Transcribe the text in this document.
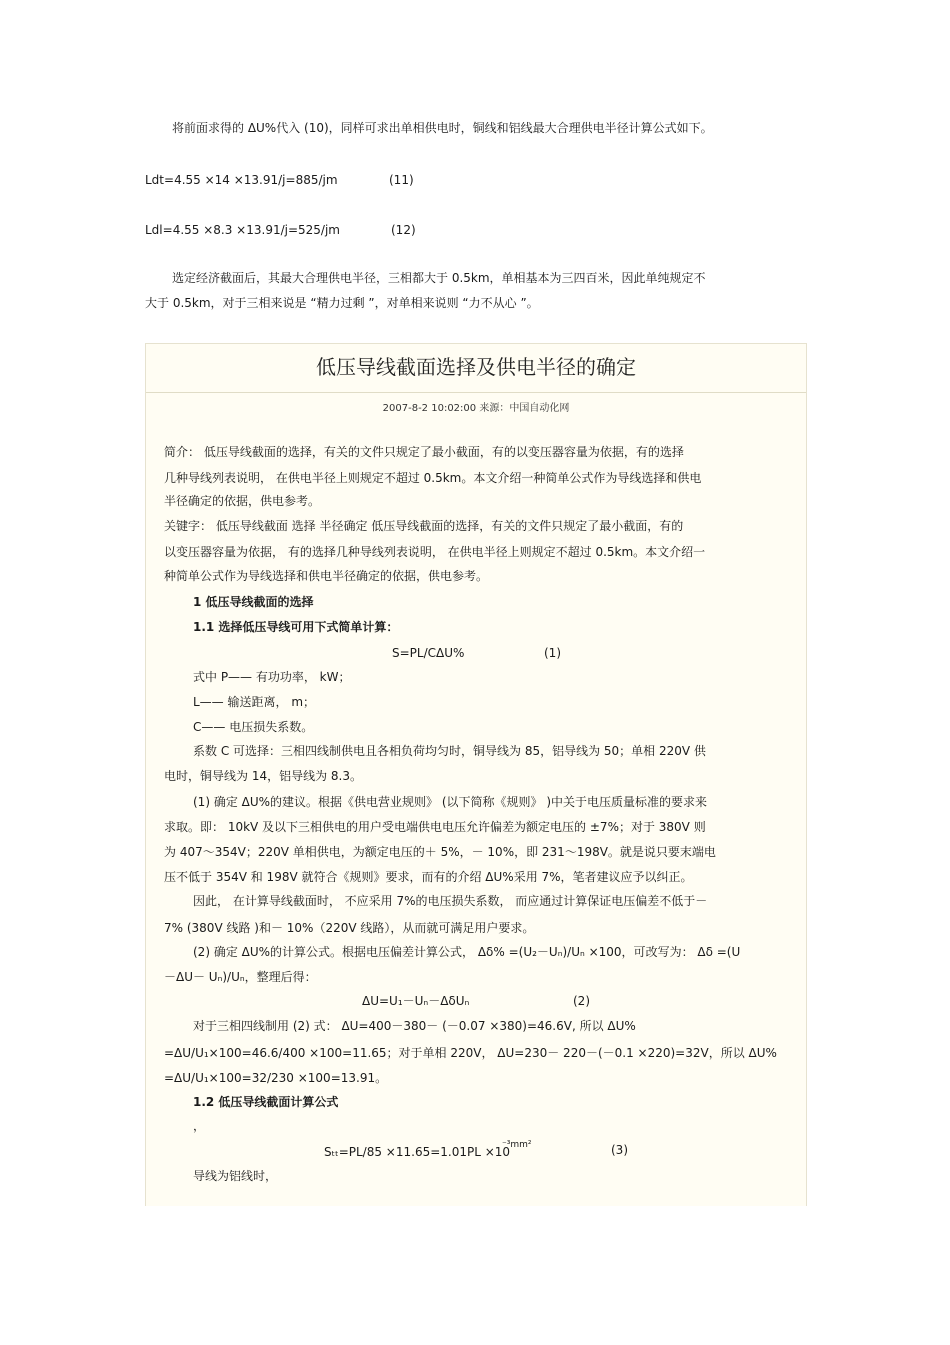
将前面求得的 ΔU%代入 (10)，同样可求出单相供电时，铜线和铝线最大合理供电半径计算公式如下。
Ldt=4.55 ×14 ×13.91/j=885/jm	(11)
Ldl=4.55 ×8.3 ×13.91/j=525/jm	(12)
选定经济截面后，其最大合理供电半径，三相都大于 0.5km，单相基本为三四百米，因此单纯规定不
大于 0.5km，对于三相来说是 “精力过剩 ”，对单相来说则 “力不从心 ”。
低压导线截面选择及供电半径的确定
2007-8-2 10:02:00 来源：中国自动化网
简介： 低压导线截面的选择，有关的文件只规定了最小截面，有的以变压器容量为依据，有的选择
几种导线列表说明， 在供电半径上则规定不超过 0.5km。本文介绍一种简单公式作为导线选择和供电
半径确定的依据，供电参考。
关键字： 低压导线截面 选择 半径确定 低压导线截面的选择，有关的文件只规定了最小截面，有的
以变压器容量为依据， 有的选择几种导线列表说明， 在供电半径上则规定不超过 0.5km。本文介绍一
种简单公式作为导线选择和供电半径确定的依据，供电参考。
1 低压导线截面的选择
1.1 选择低压导线可用下式简单计算：
S=PL/CΔU%	(1)
式中 P—— 有功功率， kW；
L—— 输送距离， m；
C—— 电压损失系数。
系数 C 可选择：三相四线制供电且各相负荷均匀时，铜导线为 85，铝导线为 50；单相 220V 供
电时，铜导线为 14，铝导线为 8.3。
(1) 确定 ΔU%的建议。根据《供电营业规则》 (以下简称《规则》 )中关于电压质量标准的要求来
求取。即： 10kV 及以下三相供电的用户受电端供电电压允许偏差为额定电压的 ±7%；对于 380V 则
为 407～354V；220V 单相供电，为额定电压的＋ 5%，－ 10%，即 231～198V。就是说只要末端电
压不低于 354V 和 198V 就符合《规则》要求，而有的介绍 ΔU%采用 7%，笔者建议应予以纠正。
因此， 在计算导线截面时， 不应采用 7%的电压损失系数， 而应通过计算保证电压偏差不低于－
7% (380V 线路 )和－ 10%（220V 线路），从而就可满足用户要求。
(2) 确定 ΔU%的计算公式。根据电压偏差计算公式， Δδ% =(U₂－Uₙ)/Uₙ ×100，可改写为： Δδ =(U
－ΔU－ Uₙ)/Uₙ，整理后得：
ΔU=U₁－Uₙ－ΔδUₙ	(2)
对于三相四线制用 (2) 式： ΔU=400－380－ (－0.07 ×380)=46.6V, 所以 ΔU%
=ΔU/U₁×100=46.6/400 ×100=11.65；对于单相 220V， ΔU=230－ 220－(－0.1 ×220)=32V，所以 ΔU%
=ΔU/U₁×100=32/230 ×100=13.91。
1.2 低压导线截面计算公式
，
Sₜₜ=PL/85 ×11.65=1.01PL ×10
⁻³mm²	(3)
导线为铝线时，
